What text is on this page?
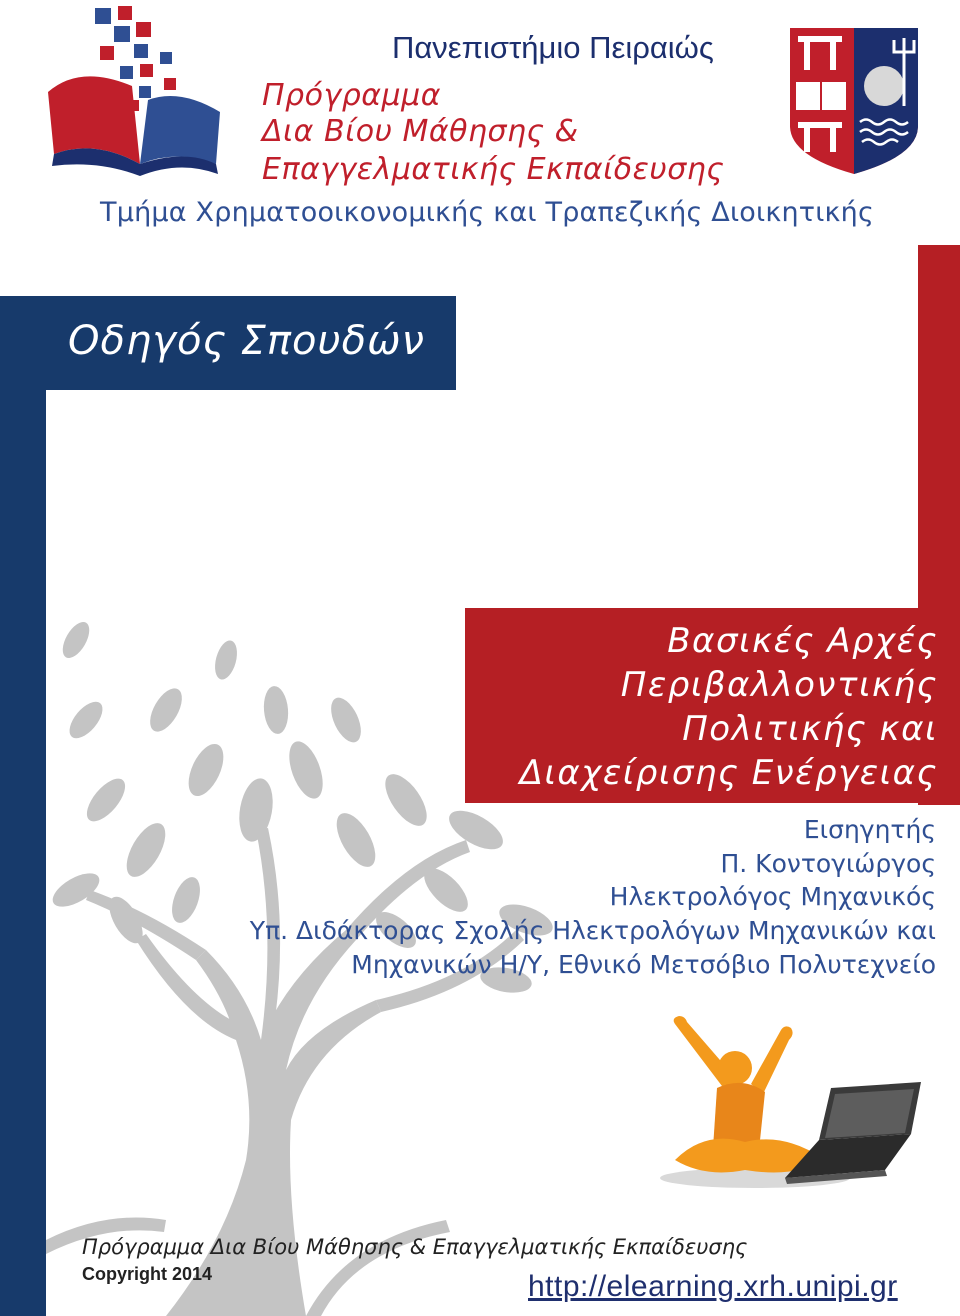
Πανεπιστήμιο Πειραιώς
Πρόγραμμα
Δια Βίου Μάθησης &
Επαγγελματικής Εκπαίδευσης
Τμήμα Χρηματοοικονομικής και Τραπεζικής Διοικητικής
Οδηγός Σπουδών
Βασικές Αρχές
Περιβαλλοντικής
Πολιτικής και
Διαχείρισης Ενέργειας
Εισηγητής
Π. Κοντογιώργος
Ηλεκτρολόγος Μηχανικός
Υπ. Διδάκτορας Σχολής Ηλεκτρολόγων Μηχανικών και
Μηχανικών Η/Υ, Εθνικό Μετσόβιο Πολυτεχνείο
Πρόγραμμα Δια Βίου Μάθησης & Επαγγελματικής Εκπαίδευσης
Copyright 2014	http://elearning.xrh.unipi.gr
